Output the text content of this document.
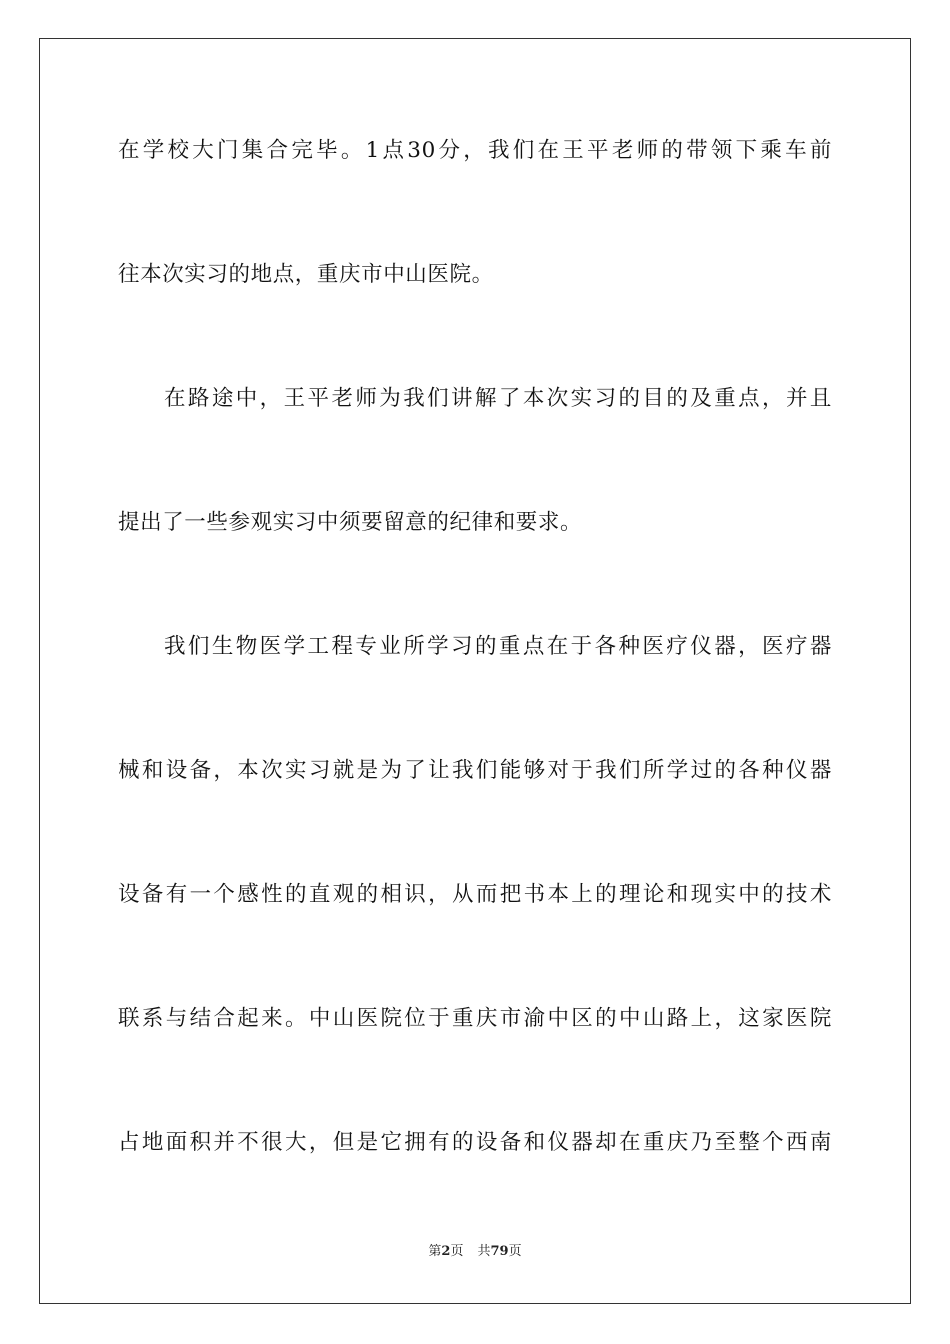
在学校大门集合完毕。1点30分，我们在王平老师的带领下乘车前
往本次实习的地点，重庆市中山医院。
在路途中，王平老师为我们讲解了本次实习的目的及重点，并且
提出了一些参观实习中须要留意的纪律和要求。
我们生物医学工程专业所学习的重点在于各种医疗仪器，医疗器
械和设备，本次实习就是为了让我们能够对于我们所学过的各种仪器
设备有一个感性的直观的相识，从而把书本上的理论和现实中的技术
联系与结合起来。中山医院位于重庆市渝中区的中山路上，这家医院
占地面积并不很大，但是它拥有的设备和仪器却在重庆乃至整个西南
第2页 共79页
